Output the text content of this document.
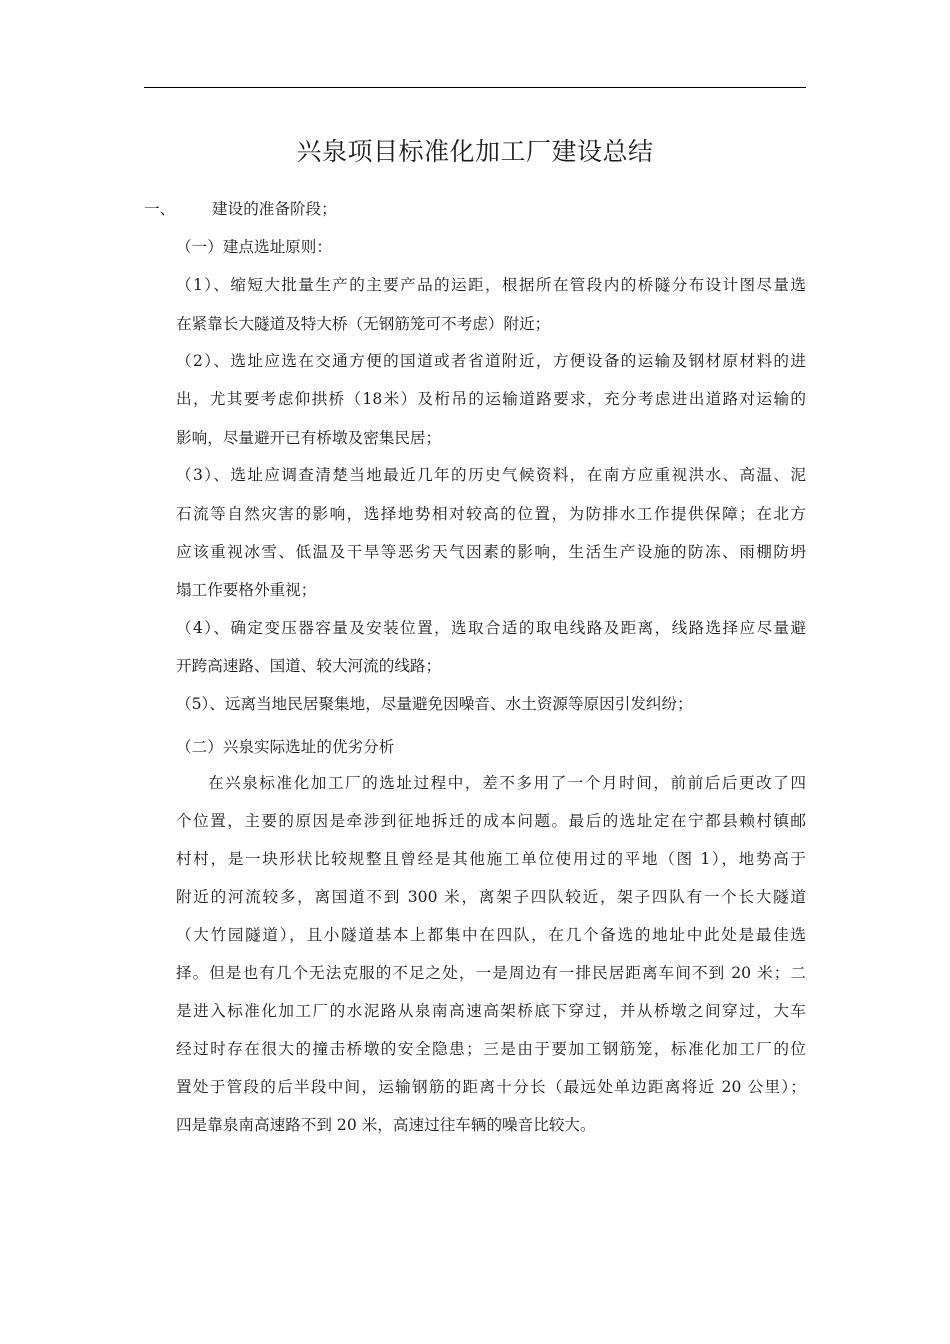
兴泉项目标准化加工厂建设总结
一、 建设的准备阶段；
（一）建点选址原则：
（1）、缩短大批量生产的主要产品的运距，根据所在管段内的桥隧分布设计图尽量选
在紧靠长大隧道及特大桥（无钢筋笼可不考虑）附近；
（2）、选址应选在交通方便的国道或者省道附近，方便设备的运输及钢材原材料的进
出，尤其要考虑仰拱桥（18米）及桁吊的运输道路要求，充分考虑进出道路对运输的
影响，尽量避开已有桥墩及密集民居；
（3）、选址应调查清楚当地最近几年的历史气候资料，在南方应重视洪水、高温、泥
石流等自然灾害的影响，选择地势相对较高的位置，为防排水工作提供保障；在北方
应该重视冰雪、低温及干旱等恶劣天气因素的影响，生活生产设施的防冻、雨棚防坍
塌工作要格外重视；
（4）、确定变压器容量及安装位置，选取合适的取电线路及距离，线路选择应尽量避
开跨高速路、国道、较大河流的线路；
（5）、远离当地民居聚集地，尽量避免因噪音、水土资源等原因引发纠纷；
（二）兴泉实际选址的优劣分析
在兴泉标准化加工厂的选址过程中，差不多用了一个月时间，前前后后更改了四
个位置，主要的原因是牵涉到征地拆迁的成本问题。最后的选址定在宁都县赖村镇邮
村村，是一块形状比较规整且曾经是其他施工单位使用过的平地（图 1），地势高于
附近的河流较多，离国道不到 300 米，离架子四队较近，架子四队有一个长大隧道
（大竹园隧道），且小隧道基本上都集中在四队，在几个备选的地址中此处是最佳选
择。但是也有几个无法克服的不足之处，一是周边有一排民居距离车间不到 20 米；二
是进入标准化加工厂的水泥路从泉南高速高架桥底下穿过，并从桥墩之间穿过，大车
经过时存在很大的撞击桥墩的安全隐患；三是由于要加工钢筋笼，标准化加工厂的位
置处于管段的后半段中间，运输钢筋的距离十分长（最远处单边距离将近 20 公里）；
四是靠泉南高速路不到 20 米，高速过往车辆的噪音比较大。
